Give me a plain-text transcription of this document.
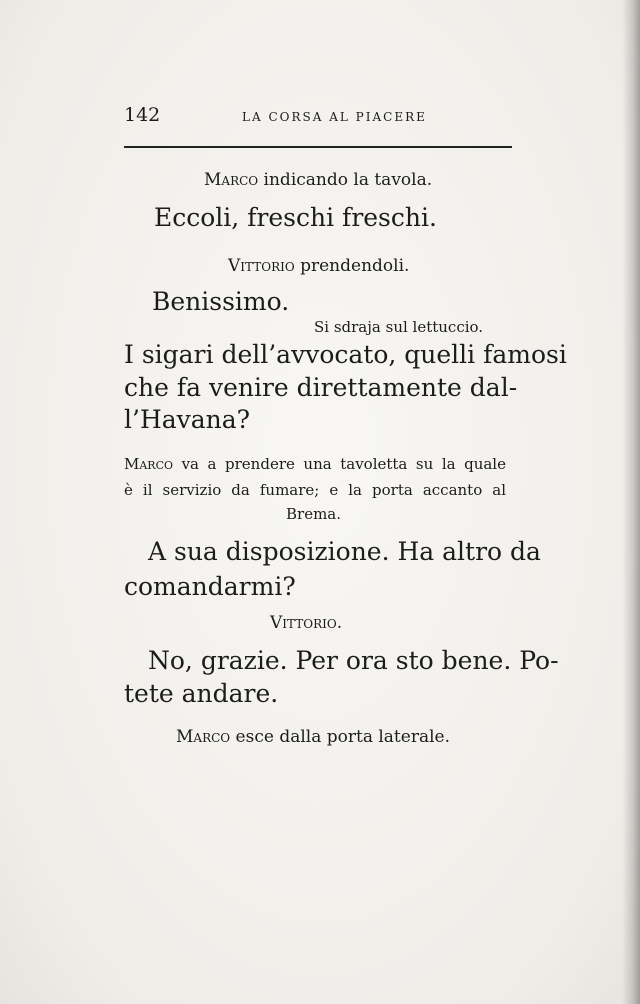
142	LA CORSA AL PIACERE
Marco indicando la tavola.
Eccoli, freschi freschi.
Vittorio prendendoli.
Benissimo.
Si sdraja sul lettuccio.
I sigari dell’avvocato, quelli famosi
che fa venire direttamente dal-
l’Havana?
Marco va a prendere una tavoletta su la quale
è il servizio da fumare; e la porta accanto al
Brema.
A sua disposizione. Ha altro da
comandarmi?
Vittorio.
No, grazie. Per ora sto bene. Po-
tete andare.
Marco esce dalla porta laterale.
